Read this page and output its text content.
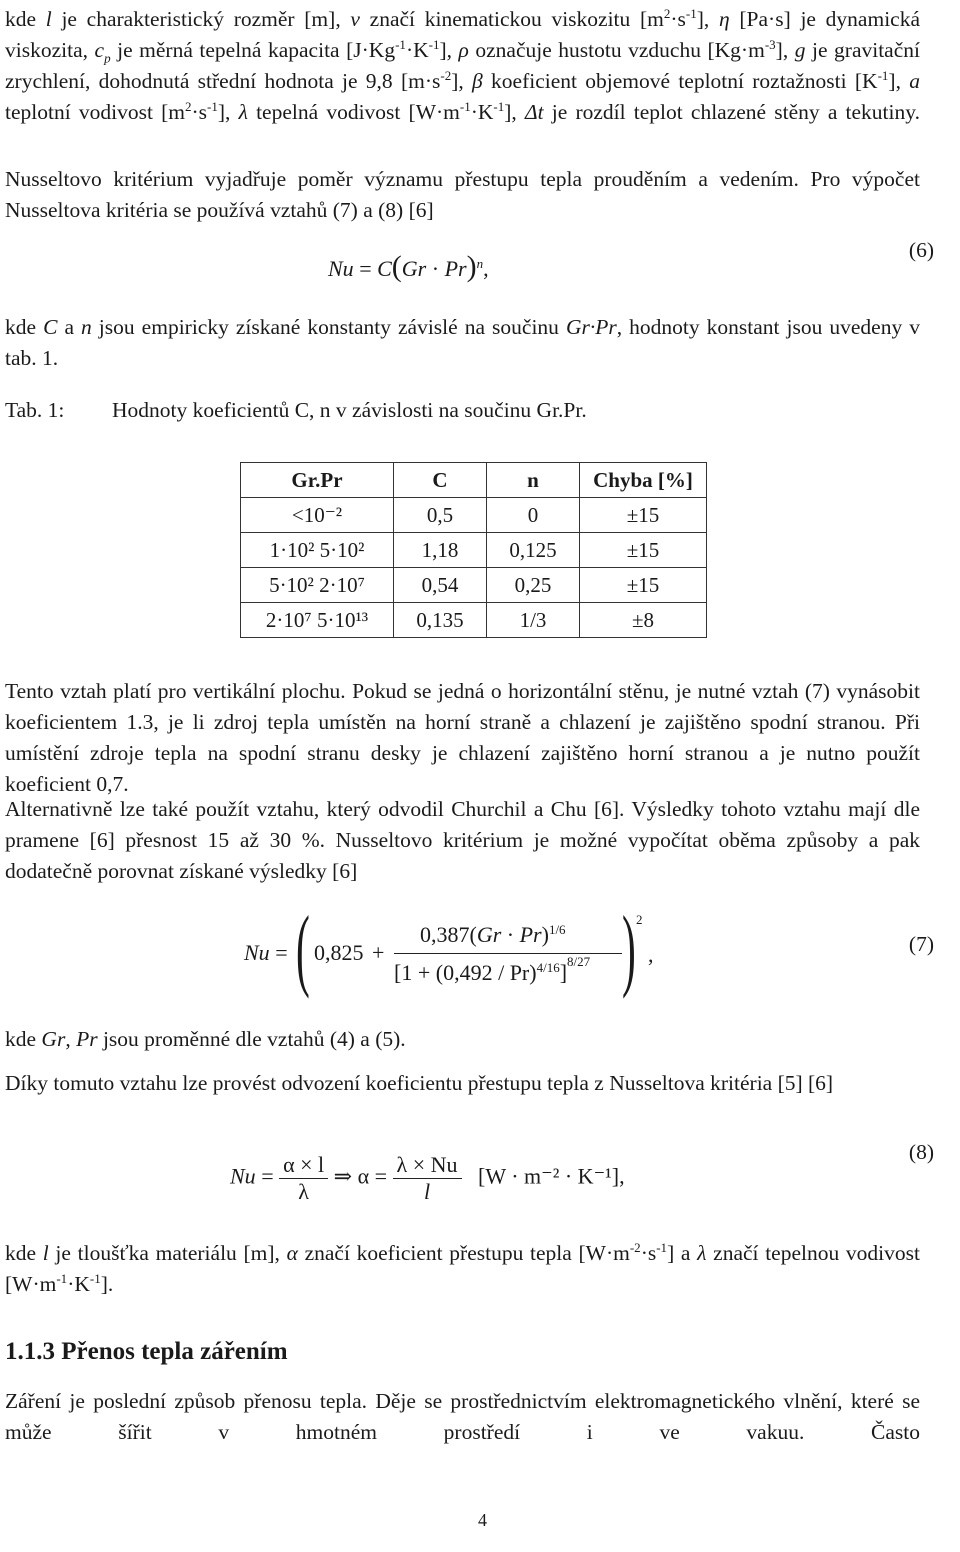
kde l je charakteristický rozměr [m], v značí kinematickou viskozitu $[m^2\cdot s^{-1}]$, η [Pa·s] je dynamická viskozita, $c_p$ je měrná tepelná kapacita $[J\cdot Kg^{-1}\cdot K^{-1}]$, ρ označuje hustotu vzduchu $[Kg\cdot m^{-3}]$, g je gravitační zrychlení, dohodnutá střední hodnota je 9,8 $[m\cdot s^{-2}]$, β koeficient objemové teplotní roztažnosti $[K^{-1}]$, a teplotní vodivost $[m^2\cdot s^{-1}]$, λ tepelná vodivost $[W\cdot m^{-1}\cdot K^{-1}]$, Δt je rozdíl teplot chlazené stěny a tekutiny.

Nusseltovo kritérium vyjadřuje poměr významu přestupu tepla prouděním a vedením. Pro výpočet Nusseltova kritéria se používá vztahů (7) a (8) [6]

$Nu = C(Gr \cdot Pr)^n$,
(6)

kde C a n jsou empiricky získané konstanty závislé na součinu Gr·Pr, hodnoty konstant jsou uvedeny v tab. 1.

Tab. 1: Hodnoty koeficientů C, n v závislosti na součinu Gr.Pr.
Gr.Pr	C	n	Chyba [%]
<10⁻²	0,5	0	±15
1·10² 5·10²	1,18	0,125	±15
5·10² 2·10⁷	0,54	0,25	±15
2·10⁷ 5·10¹³	0,135	1/3	±8

Tento vztah platí pro vertikální plochu. Pokud se jedná o horizontální stěnu, je nutné vztah (7) vynásobit koeficientem 1.3, je li zdroj tepla umístěn na horní straně a chlazení je zajištěno spodní stranou. Při umístění zdroje tepla na spodní stranu desky je chlazení zajištěno horní stranou a je nutno použít koeficient 0,7.

Alternativně lze také použít vztahu, který odvodil Churchil a Chu [6]. Výsledky tohoto vztahu mají dle pramene [6] přesnost 15 až 30 %. Nusseltovo kritérium je možné vypočítat oběma způsoby a pak dodatečně porovnat získané výsledky [6]

Nu = ( 0,825 +
$0,387(Gr \cdot Pr)^{1/6}$
$[1 + (0,492 / Pr)^{4/16}]^{8/27}$ ) 2
,	(7)

kde Gr, Pr jsou proměnné dle vztahů (4) a (5).

Díky tomuto vztahu lze provést odvození koeficientu přestupu tepla z Nusseltova kritéria [5] [6]

$Nu = \frac{\alpha \times l}{\lambda}$ ⇒ $\alpha = \frac{\lambda \times Nu}{l} [W \cdot m^{-2} \cdot K^{-1}]$,
(8)

kde l je tloušťka materiálu [m], α značí koeficient přestupu tepla $[W\cdot m^{-2}\cdot s^{-1}]$ a λ značí tepelnou vodivost $[W\cdot m^{-1}\cdot K^{-1}]$.

1.1.3 Přenos tepla zářením

Záření je poslední způsob přenosu tepla. Děje se prostřednictvím elektromagnetického vlnění, které se může šířit v hmotném prostředí i ve vakuu. Často

4
